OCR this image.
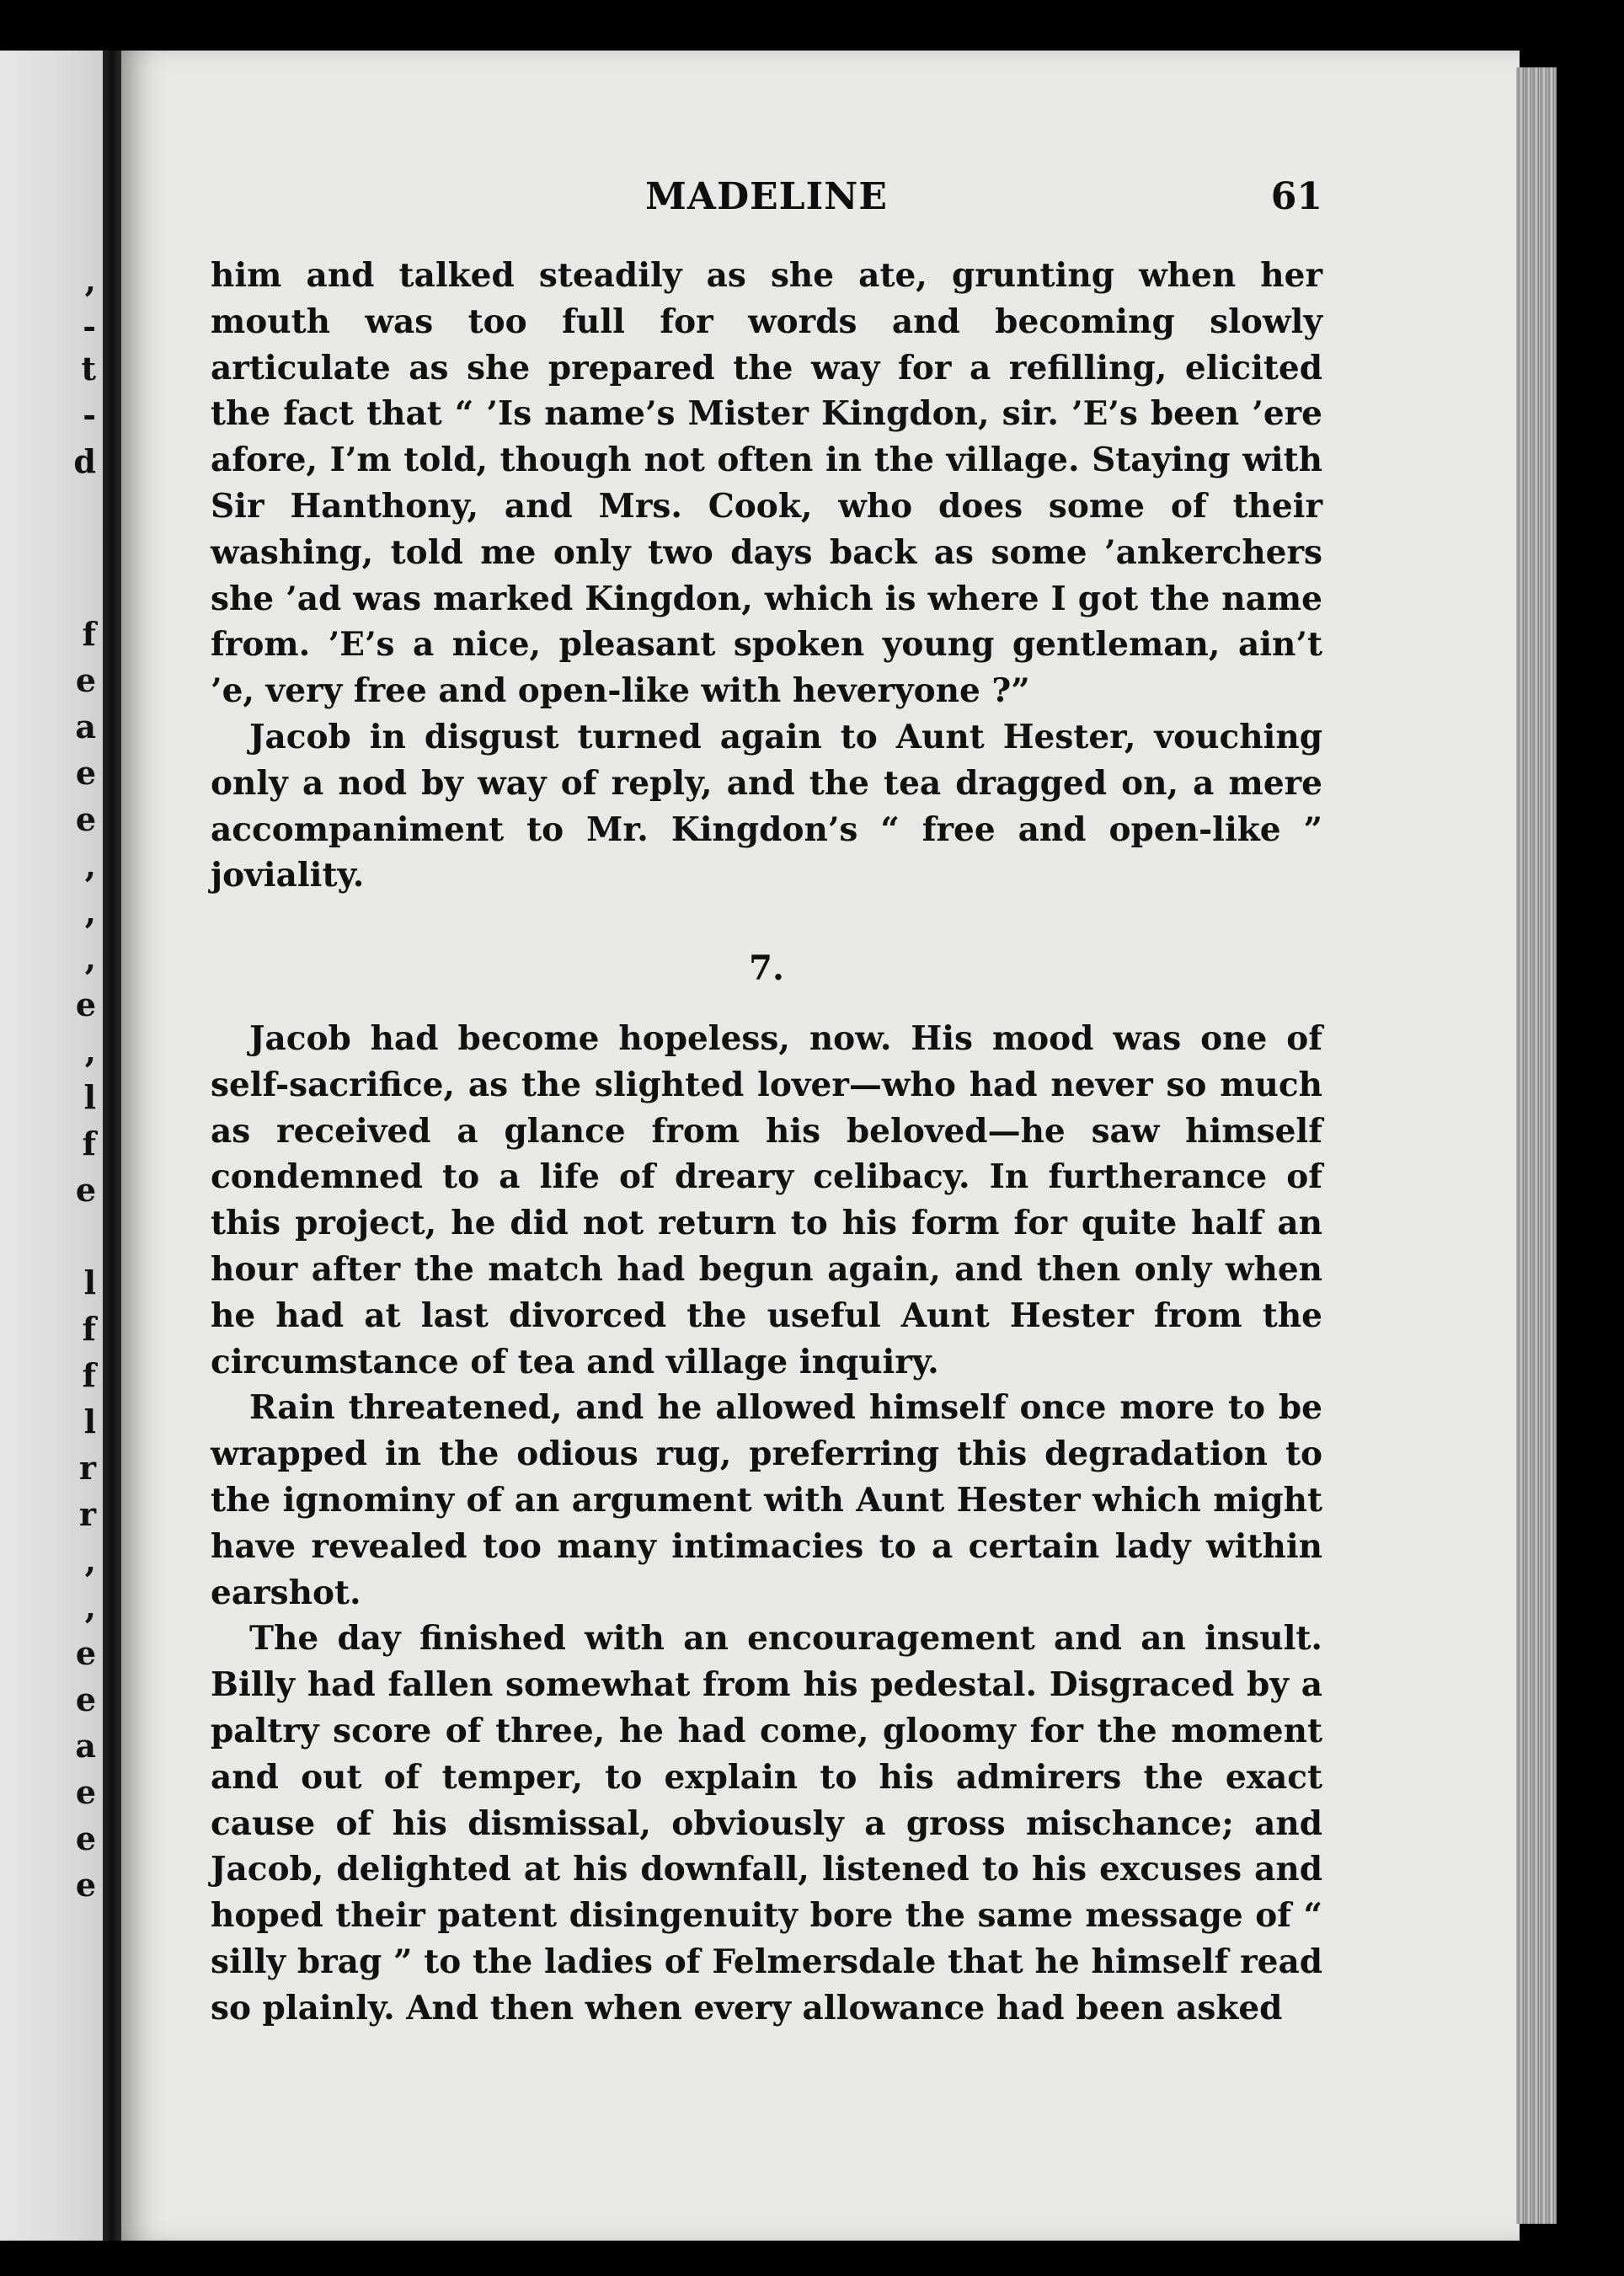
,
-
t
-
d
f
e
a
e
e
,
,
,
e
,
l
f
e
l
f
f
l
r
r
,
,
e
e
a
e
e
e
MADELINE	61

him and talked steadily as she ate, grunting when her mouth was too full for words and becoming slowly articulate as she prepared the way for a refilling, elicited the fact that “ ’Is name’s Mister Kingdon, sir. ’E’s been ’ere afore, I’m told, though not often in the village. Staying with Sir Hanthony, and Mrs. Cook, who does some of their washing, told me only two days back as some ’ankerchers she ’ad was marked Kingdon, which is where I got the name from. ’E’s a nice, pleasant spoken young gentleman, ain’t ’e, very free and open-like with heveryone ?”

Jacob in disgust turned again to Aunt Hester, vouching only a nod by way of reply, and the tea dragged on, a mere accompaniment to Mr. Kingdon’s “ free and open-like ” joviality.

7.

Jacob had become hopeless, now. His mood was one of self-sacrifice, as the slighted lover—who had never so much as received a glance from his beloved—he saw himself condemned to a life of dreary celibacy. In furtherance of this project, he did not return to his form for quite half an hour after the match had begun again, and then only when he had at last divorced the useful Aunt Hester from the circumstance of tea and village inquiry.

Rain threatened, and he allowed himself once more to be wrapped in the odious rug, preferring this degradation to the ignominy of an argument with Aunt Hester which might have revealed too many intimacies to a certain lady within earshot.

The day finished with an encouragement and an insult. Billy had fallen somewhat from his pedestal. Disgraced by a paltry score of three, he had come, gloomy for the moment and out of temper, to explain to his admirers the exact cause of his dismissal, obviously a gross mischance; and Jacob, delighted at his downfall, listened to his excuses and hoped their patent disingenuity bore the same message of “ silly brag ” to the ladies of Felmersdale that he himself read so plainly. And then when every allowance had been asked
